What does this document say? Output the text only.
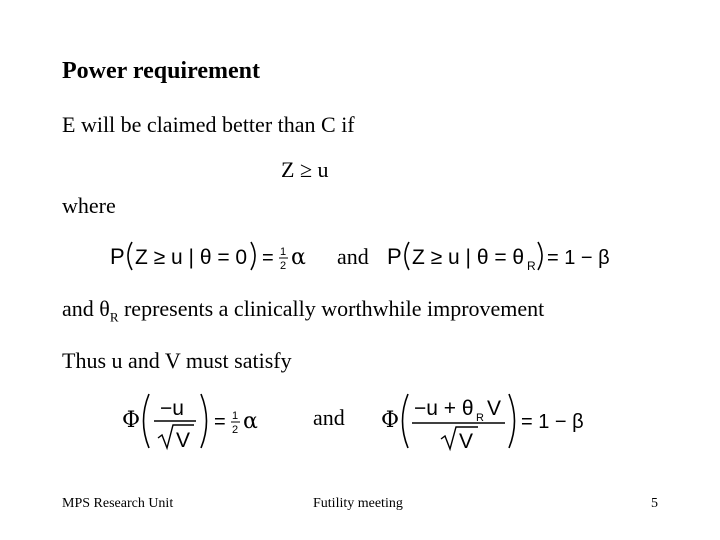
Power requirement
E will be claimed better than C if
Z ≥ u
where
P Z ≥ u | θ = 0 = 1
2 α and P Z ≥ u | θ = θ R = 1 − β
and $\theta_R$ represents a clinically worthwhile improvement
Thus u and V must satisfy
Φ −u
V
= 1
2 α	and Φ −u + θ R V
V
= 1 − β
MPS Research Unit	Futility meeting	5
